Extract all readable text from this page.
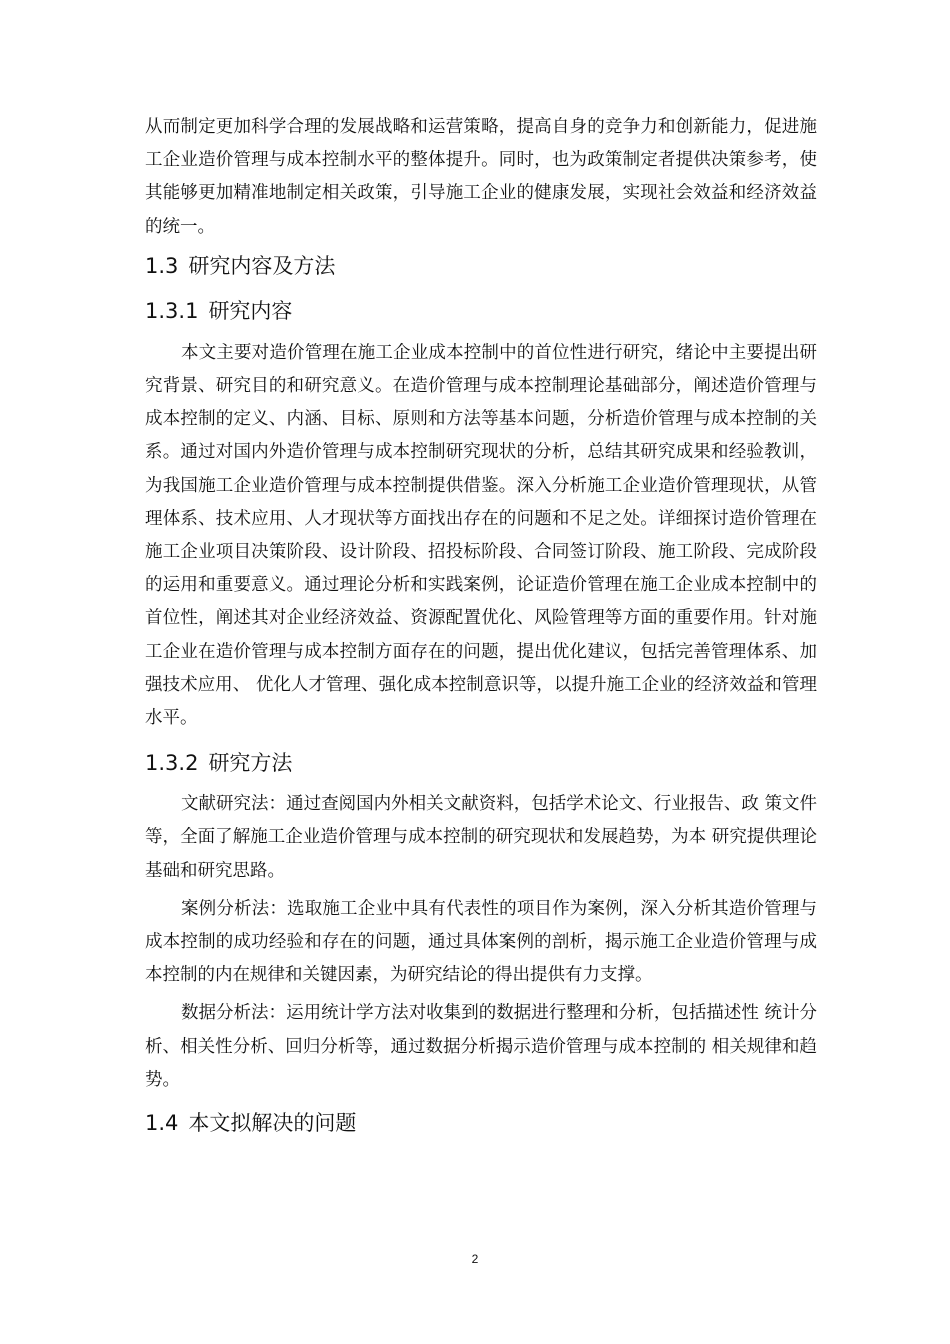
从而制定更加科学合理的发展战略和运营策略，提高自身的竞争力和创新能力，促进施工企业造价管理与成本控制水平的整体提升。同时，也为政策制定者提供决策参考，使其能够更加精准地制定相关政策，引导施工企业的健康发展，实现社会效益和经济效益的统一。

1.3 研究内容及方法
1.3.1 研究内容

本文主要对造价管理在施工企业成本控制中的首位性进行研究，绪论中主要提出研究背景、研究目的和研究意义。在造价管理与成本控制理论基础部分，阐述造价管理与成本控制的定义、内涵、目标、原则和方法等基本问题，分析造价管理与成本控制的关系。通过对国内外造价管理与成本控制研究现状的分析，总结其研究成果和经验教训，为我国施工企业造价管理与成本控制提供借鉴。深入分析施工企业造价管理现状，从管理体系、技术应用、人才现状等方面找出存在的问题和不足之处。详细探讨造价管理在施工企业项目决策阶段、设计阶段、招投标阶段、合同签订阶段、施工阶段、完成阶段的运用和重要意义。通过理论分析和实践案例，论证造价管理在施工企业成本控制中的首位性，阐述其对企业经济效益、资源配置优化、风险管理等方面的重要作用。针对施工企业在造价管理与成本控制方面存在的问题，提出优化建议，包括完善管理体系、加强技术应用、 优化人才管理、强化成本控制意识等，以提升施工企业的经济效益和管理水平。

1.3.2 研究方法

文献研究法：通过查阅国内外相关文献资料，包括学术论文、行业报告、政 策文件等，全面了解施工企业造价管理与成本控制的研究现状和发展趋势，为本 研究提供理论基础和研究思路。

案例分析法：选取施工企业中具有代表性的项目作为案例，深入分析其造价管理与成本控制的成功经验和存在的问题，通过具体案例的剖析，揭示施工企业造价管理与成本控制的内在规律和关键因素，为研究结论的得出提供有力支撑。

数据分析法：运用统计学方法对收集到的数据进行整理和分析，包括描述性 统计分析、相关性分析、回归分析等，通过数据分析揭示造价管理与成本控制的 相关规律和趋势。

1.4 本文拟解决的问题
2
